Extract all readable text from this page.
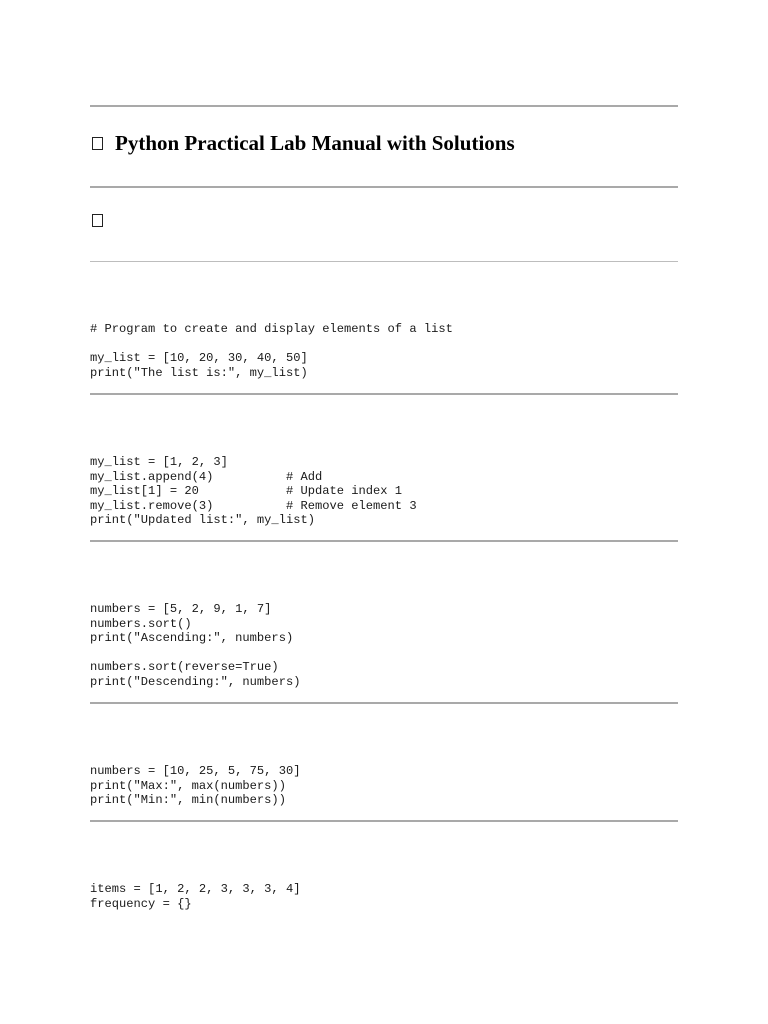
Python Practical Lab Manual with Solutions
# Program to create and display elements of a list

my_list = [10, 20, 30, 40, 50]
print("The list is:", my_list)
my_list = [1, 2, 3]
my_list.append(4)          # Add
my_list[1] = 20            # Update index 1
my_list.remove(3)          # Remove element 3
print("Updated list:", my_list)
numbers = [5, 2, 9, 1, 7]
numbers.sort()
print("Ascending:", numbers)

numbers.sort(reverse=True)
print("Descending:", numbers)
numbers = [10, 25, 5, 75, 30]
print("Max:", max(numbers))
print("Min:", min(numbers))
items = [1, 2, 2, 3, 3, 3, 4]
frequency = {}
